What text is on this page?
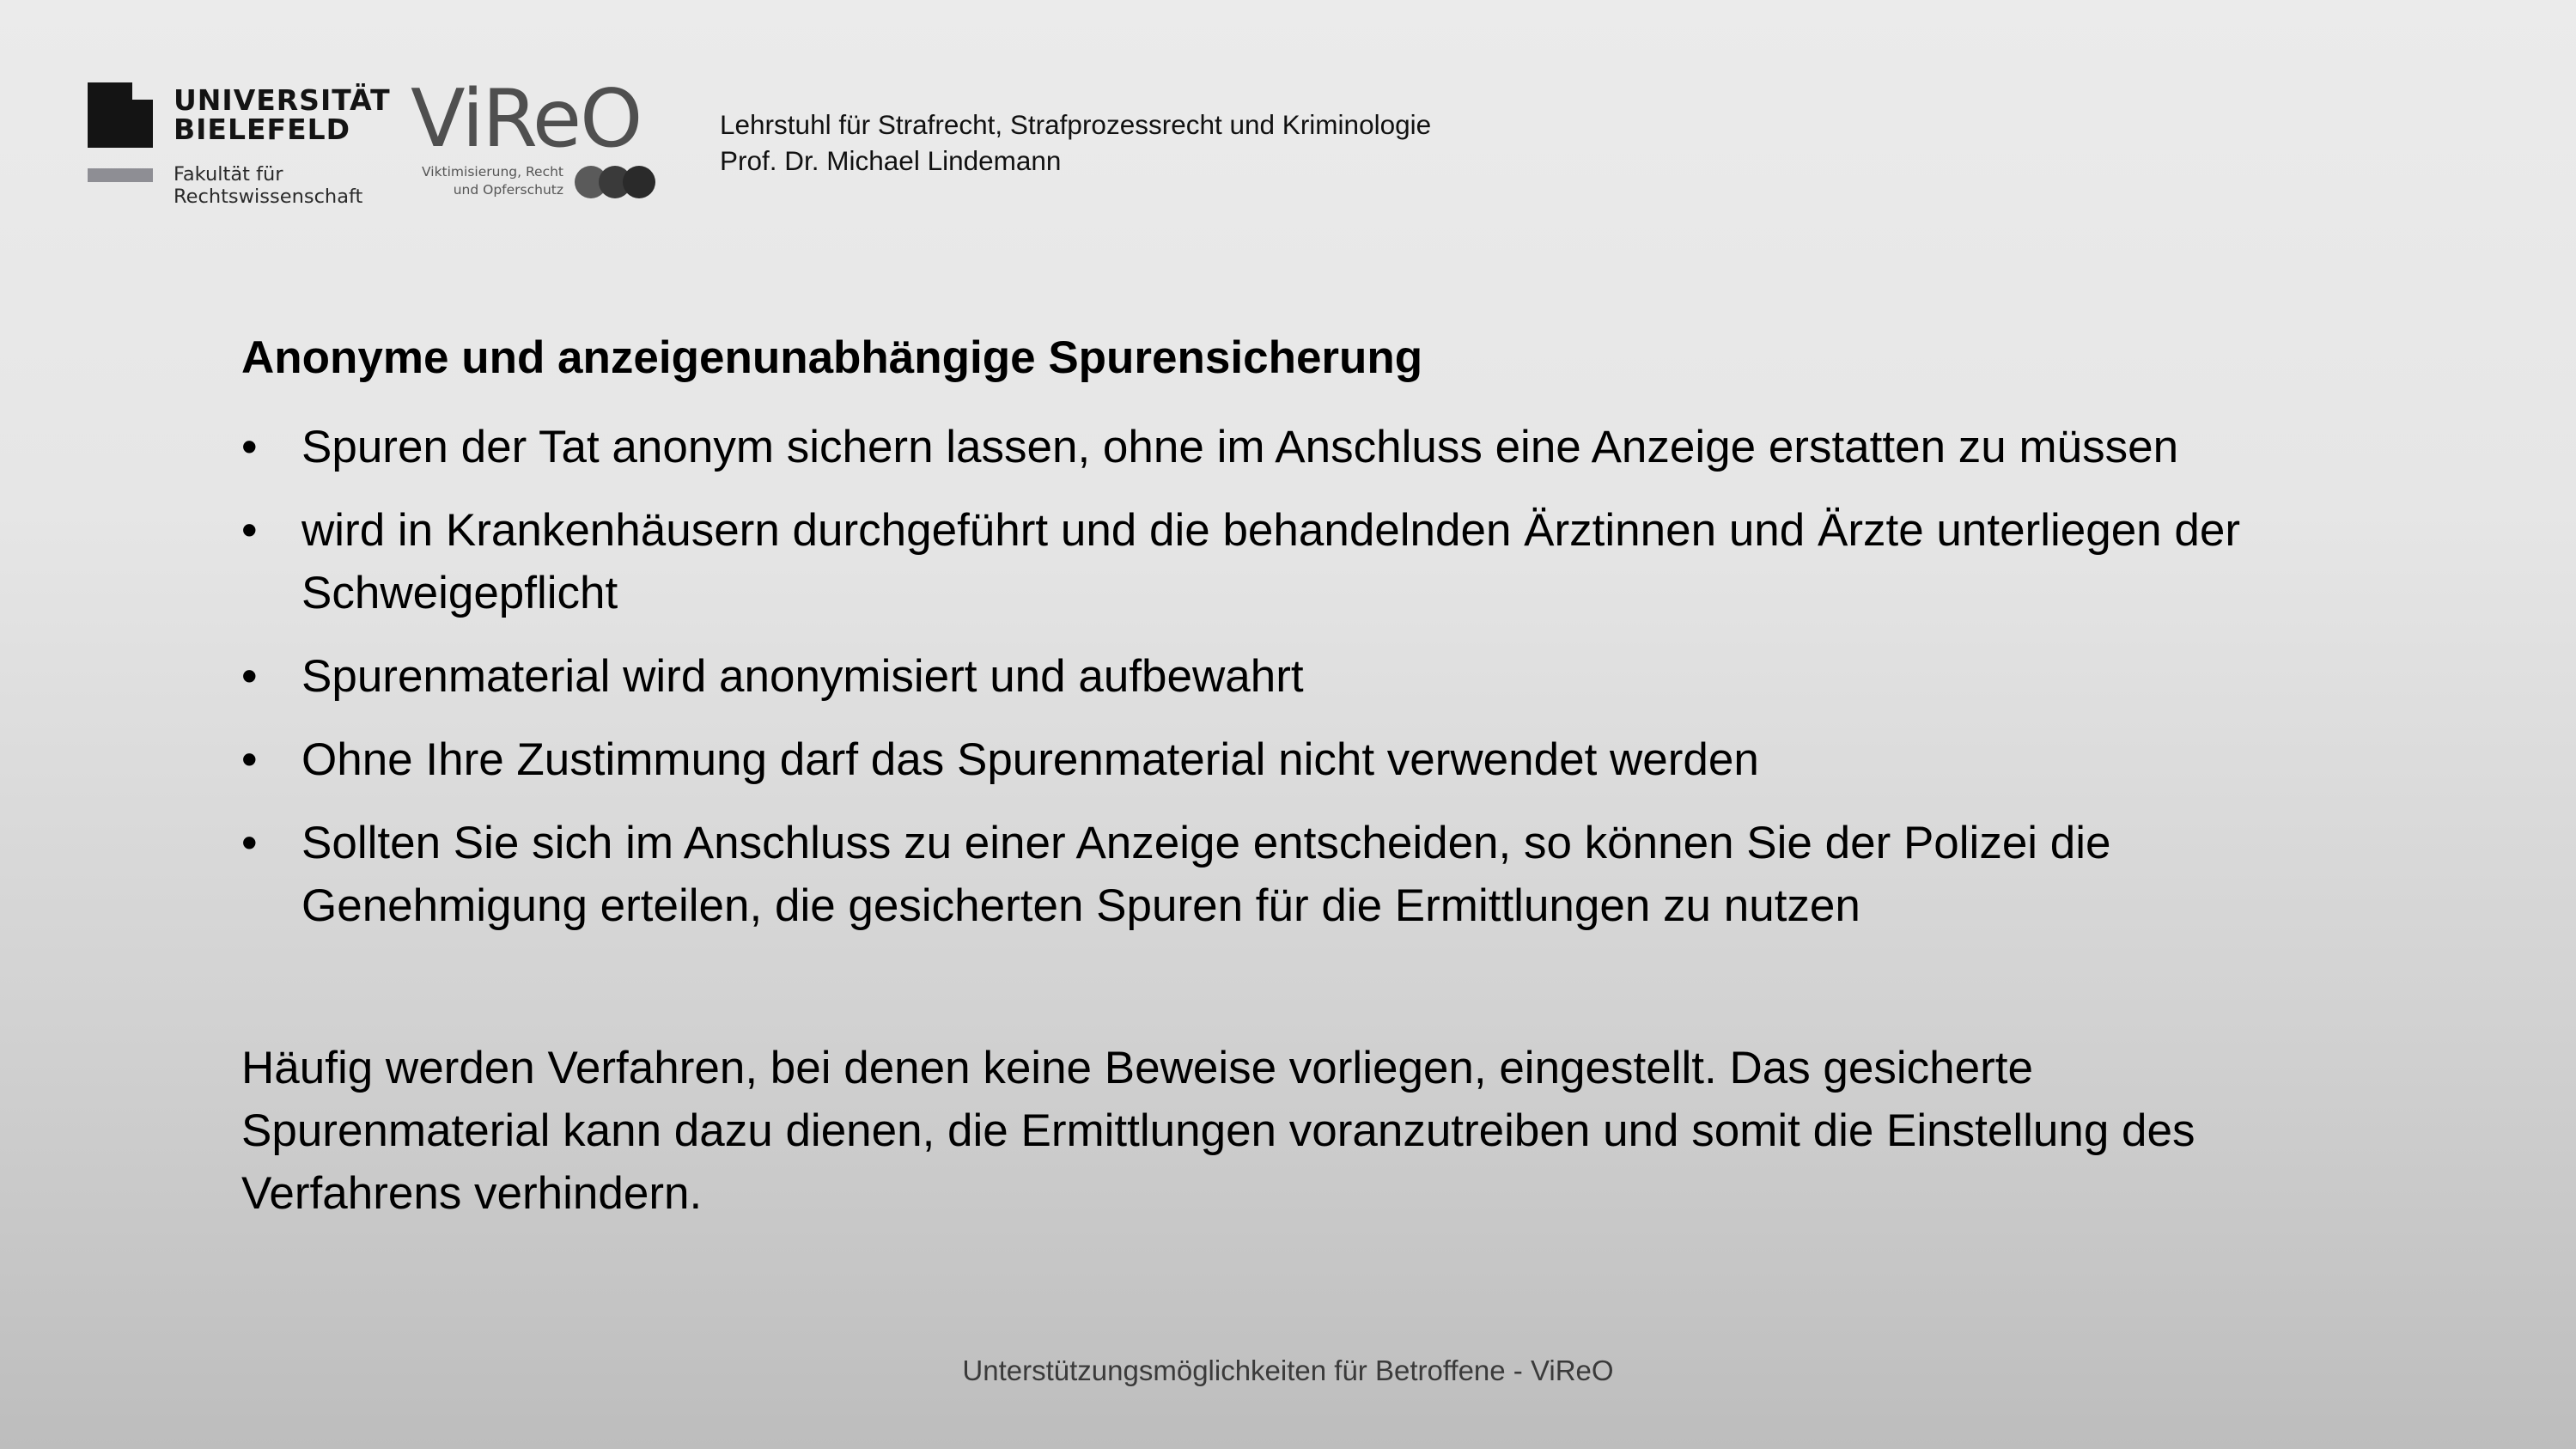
UNIVERSITÄT
BIELEFELD
Fakultät für
Rechtswissenschaft
ViReO
Viktimisierung, Recht
und Opferschutz
Lehrstuhl für Strafrecht, Strafprozessrecht und Kriminologie
Prof. Dr. Michael Lindemann
Anonyme und anzeigenunabhängige Spurensicherung
• Spuren der Tat anonym sichern lassen, ohne im Anschluss eine Anzeige erstatten zu müssen
• wird in Krankenhäusern durchgeführt und die behandelnden Ärztinnen und Ärzte unterliegen der Schweigepflicht
• Spurenmaterial wird anonymisiert und aufbewahrt
• Ohne Ihre Zustimmung darf das Spurenmaterial nicht verwendet werden
• Sollten Sie sich im Anschluss zu einer Anzeige entscheiden, so können Sie der Polizei die Genehmigung erteilen, die gesicherten Spuren für die Ermittlungen zu nutzen
Häufig werden Verfahren, bei denen keine Beweise vorliegen, eingestellt. Das gesicherte Spurenmaterial kann dazu dienen, die Ermittlungen voranzutreiben und somit die Einstellung des Verfahrens verhindern.
Unterstützungsmöglichkeiten für Betroffene - ViReO
